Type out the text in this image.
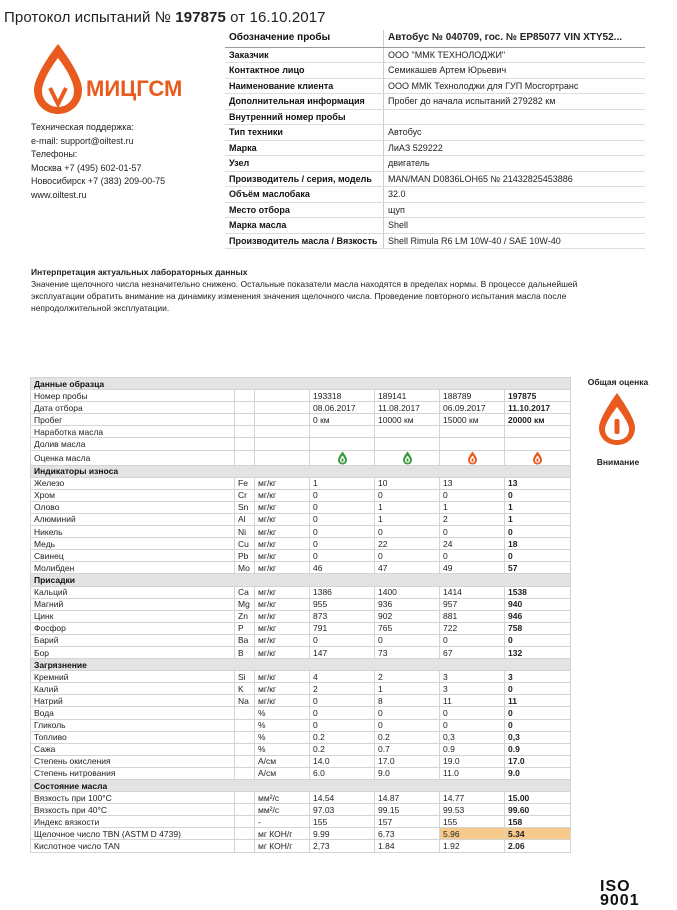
Протокол испытаний № 197875 от 16.10.2017
МИЦГСМ
Техническая поддержка:
e-mail: support@oiltest.ru
Телефоны:
Москва +7 (495) 602-01-57
Новосибирск +7 (383) 209-00-75
www.oiltest.ru
Обозначение пробы	Автобус № 040709, гос. № EP85077 VIN XTY52...
Заказчик	ООО "ММК ТЕХНОЛОДЖИ"
Контактное лицо	Семикашев Артем Юрьевич
Наименование клиента	ООО ММК Технолоджи для ГУП Мосгортранс
Дополнительная информация	Пробег до начала испытаний 279282 км
Внутренний номер пробы	
Тип техники	Автобус
Марка	ЛиАЗ 529222
Узел	двигатель
Производитель / серия, модель	MAN/MAN D0836LOH65 № 21432825453886
Объём маслобака	32.0
Место отбора	щуп
Марка масла	Shell
Производитель масла / Вязкость	Shell Rimula R6 LM 10W-40 / SAE 10W-40
Интерпретация актуальных лабораторных данных
Значение щелочного числа незначительно снижено. Остальные показатели масла находятся в пределах нормы. В процессе дальнейшей эксплуатации обратить внимание на динамику изменения значения щелочного числа. Проведение повторного испытания масла после непродолжительной эксплуатации.
Общая оценка
Внимание
Данные образца						
Номер пробы			193318	189141	188789	197875
Дата отбора			08.06.2017	11.08.2017	06.09.2017	11.10.2017
Пробег			0 км	10000 км	15000 км	20000 км
Наработка масла						
Долив масла						
Оценка масла						
Индикаторы износа						
Железо	Fe	мг/кг	1	10	13	13
Хром	Cr	мг/кг	0	0	0	0
Олово	Sn	мг/кг	0	1	1	1
Алюминий	Al	мг/кг	0	1	2	1
Никель	Ni	мг/кг	0	0	0	0
Медь	Cu	мг/кг	0	22	24	18
Свинец	Pb	мг/кг	0	0	0	0
Молибден	Mo	мг/кг	46	47	49	57
Присадки						
Кальций	Ca	мг/кг	1386	1400	1414	1538
Магний	Mg	мг/кг	955	936	957	940
Цинк	Zn	мг/кг	873	902	881	946
Фосфор	P	мг/кг	791	765	722	758
Барий	Ba	мг/кг	0	0	0	0
Бор	B	мг/кг	147	73	67	132
Загрязнение						
Кремний	Si	мг/кг	4	2	3	3
Калий	K	мг/кг	2	1	3	0
Натрий	Na	мг/кг	0	8	11	11
Вода		%	0	0	0	0
Гликоль		%	0	0	0	0
Топливо		%	0.2	0.2	0,3	0,3
Сажа		%	0.2	0.7	0.9	0.9
Степень окисления		A/см	14.0	17.0	19.0	17.0
Степень нитрования		A/см	6.0	9.0	11.0	9.0
Состояние масла						
Вязкость при 100°C		мм²/с	14.54	14.87	14.77	15.00
Вязкость при 40°C		мм²/с	97.03	99.15	99.53	99.60
Индекс вязкости		-	155	157	155	158
Щелочное число TBN (ASTM D 4739)		мг КОН/г	9.99	6.73	5.96	5.34
Кислотное число TAN		мг КОН/г	2,73	1.84	1.92	2.06
ISO
9001
